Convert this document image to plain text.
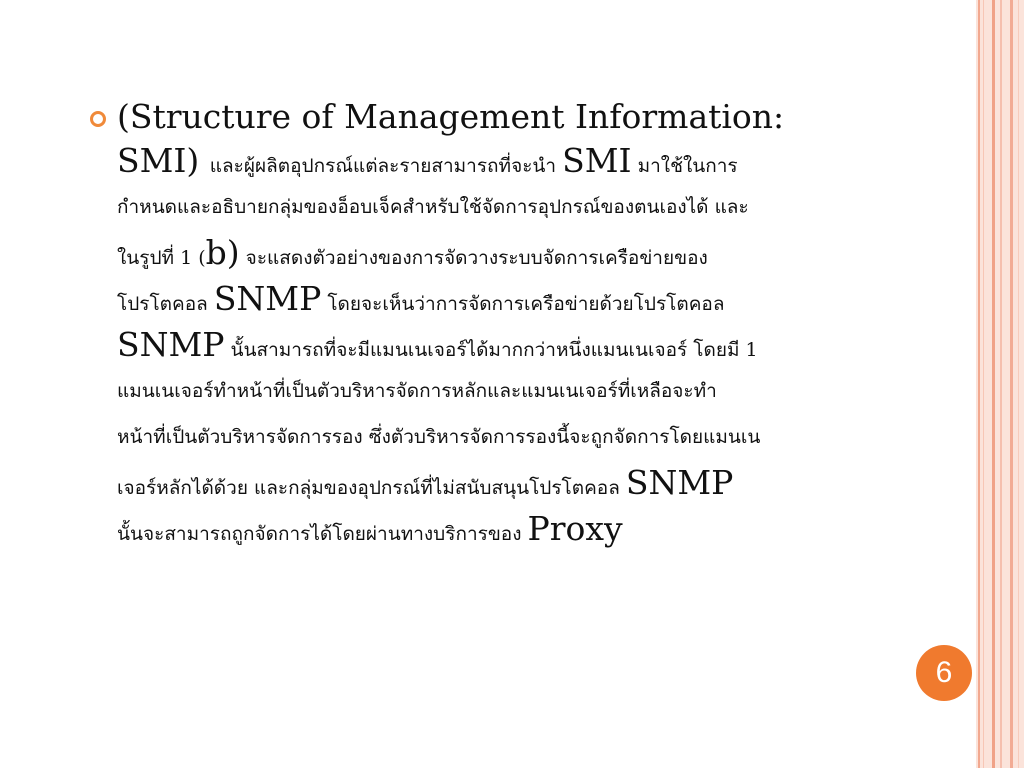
(Structure of Management Information:
SMI) และผู้ผลิตอุปกรณ์แต่ละรายสามารถที่จะนำ SMI มาใช้ในการ
กำหนดและอธิบายกลุ่มของอ็อบเจ็คสำหรับใช้จัดการอุปกรณ์ของตนเองได้ และ
ในรูปที่ 1 (b) จะแสดงตัวอย่างของการจัดวางระบบจัดการเครือข่ายของ
โปรโตคอล SNMP โดยจะเห็นว่าการจัดการเครือข่ายด้วยโปรโตคอล
SNMP นั้นสามารถที่จะมีแมนเนเจอร์ได้มากกว่าหนึ่งแมนเนเจอร์ โดยมี 1
แมนเนเจอร์ทำหน้าที่เป็นตัวบริหารจัดการหลักและแมนเนเจอร์ที่เหลือจะทำ
หน้าที่เป็นตัวบริหารจัดการรอง ซึ่งตัวบริหารจัดการรองนี้จะถูกจัดการโดยแมนเน
เจอร์หลักได้ด้วย และกลุ่มของอุปกรณ์ที่ไม่สนับสนุนโปรโตคอล SNMP
นั้นจะสามารถถูกจัดการได้โดยผ่านทางบริการของ Proxy
6
